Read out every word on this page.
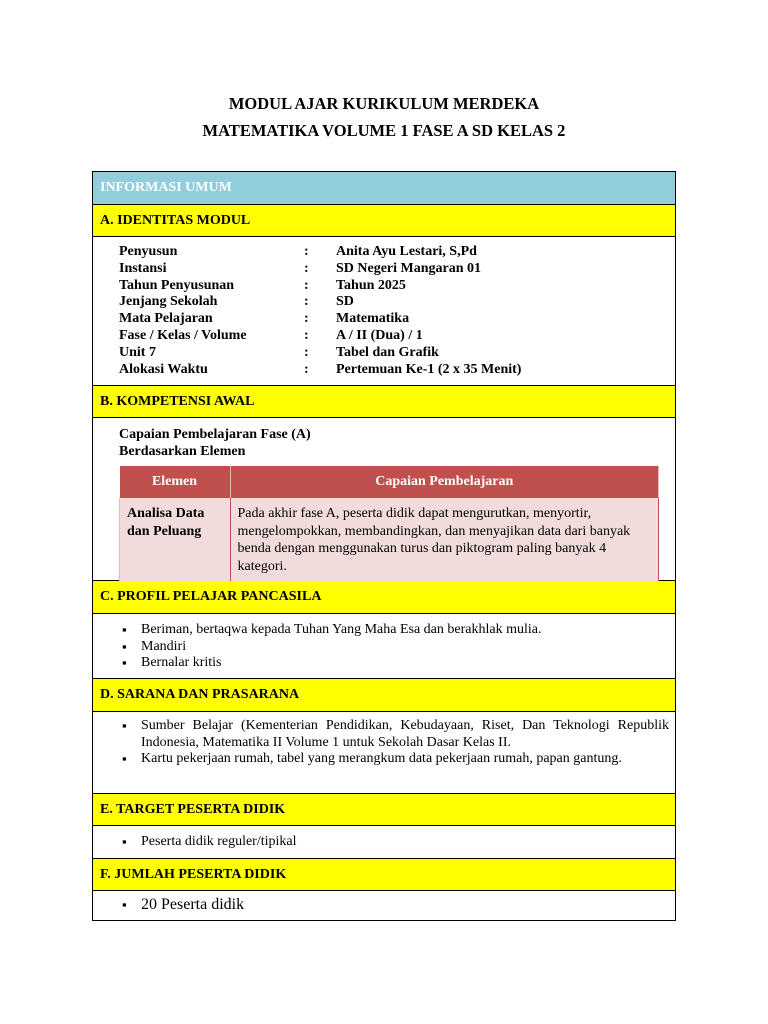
MODUL AJAR KURIKULUM MERDEKA
MATEMATIKA VOLUME 1 FASE A SD KELAS 2
INFORMASI UMUM
A. IDENTITAS MODUL
Penyusun	:	Anita Ayu Lestari, S,Pd
Instansi	:	SD Negeri Mangaran 01
Tahun Penyusunan	:	Tahun 2025
Jenjang Sekolah	:	SD
Mata Pelajaran	:	Matematika
Fase / Kelas / Volume	:	A / II (Dua) / 1
Unit 7	:	Tabel dan Grafik
Alokasi Waktu	:	Pertemuan Ke-1 (2 x 35 Menit)
B. KOMPETENSI AWAL
Capaian Pembelajaran Fase (A)
Berdasarkan Elemen
Elemen	Capaian Pembelajaran
Analisa Data dan Peluang	Pada akhir fase A, peserta didik dapat mengurutkan, menyortir, mengelompokkan, membandingkan, dan menyajikan data dari banyak benda dengan menggunakan turus dan piktogram paling banyak 4 kategori.
C. PROFIL PELAJAR PANCASILA
▪ Beriman, bertaqwa kepada Tuhan Yang Maha Esa dan berakhlak mulia.
▪ Mandiri
▪ Bernalar kritis
D. SARANA DAN PRASARANA
▪ Sumber Belajar (Kementerian Pendidikan, Kebudayaan, Riset, Dan Teknologi Republik Indonesia, Matematika II Volume 1 untuk Sekolah Dasar Kelas II.
▪ Kartu pekerjaan rumah, tabel yang merangkum data pekerjaan rumah, papan gantung.
E. TARGET PESERTA DIDIK
▪ Peserta didik reguler/tipikal
F. JUMLAH PESERTA DIDIK
▪ 20 Peserta didik
